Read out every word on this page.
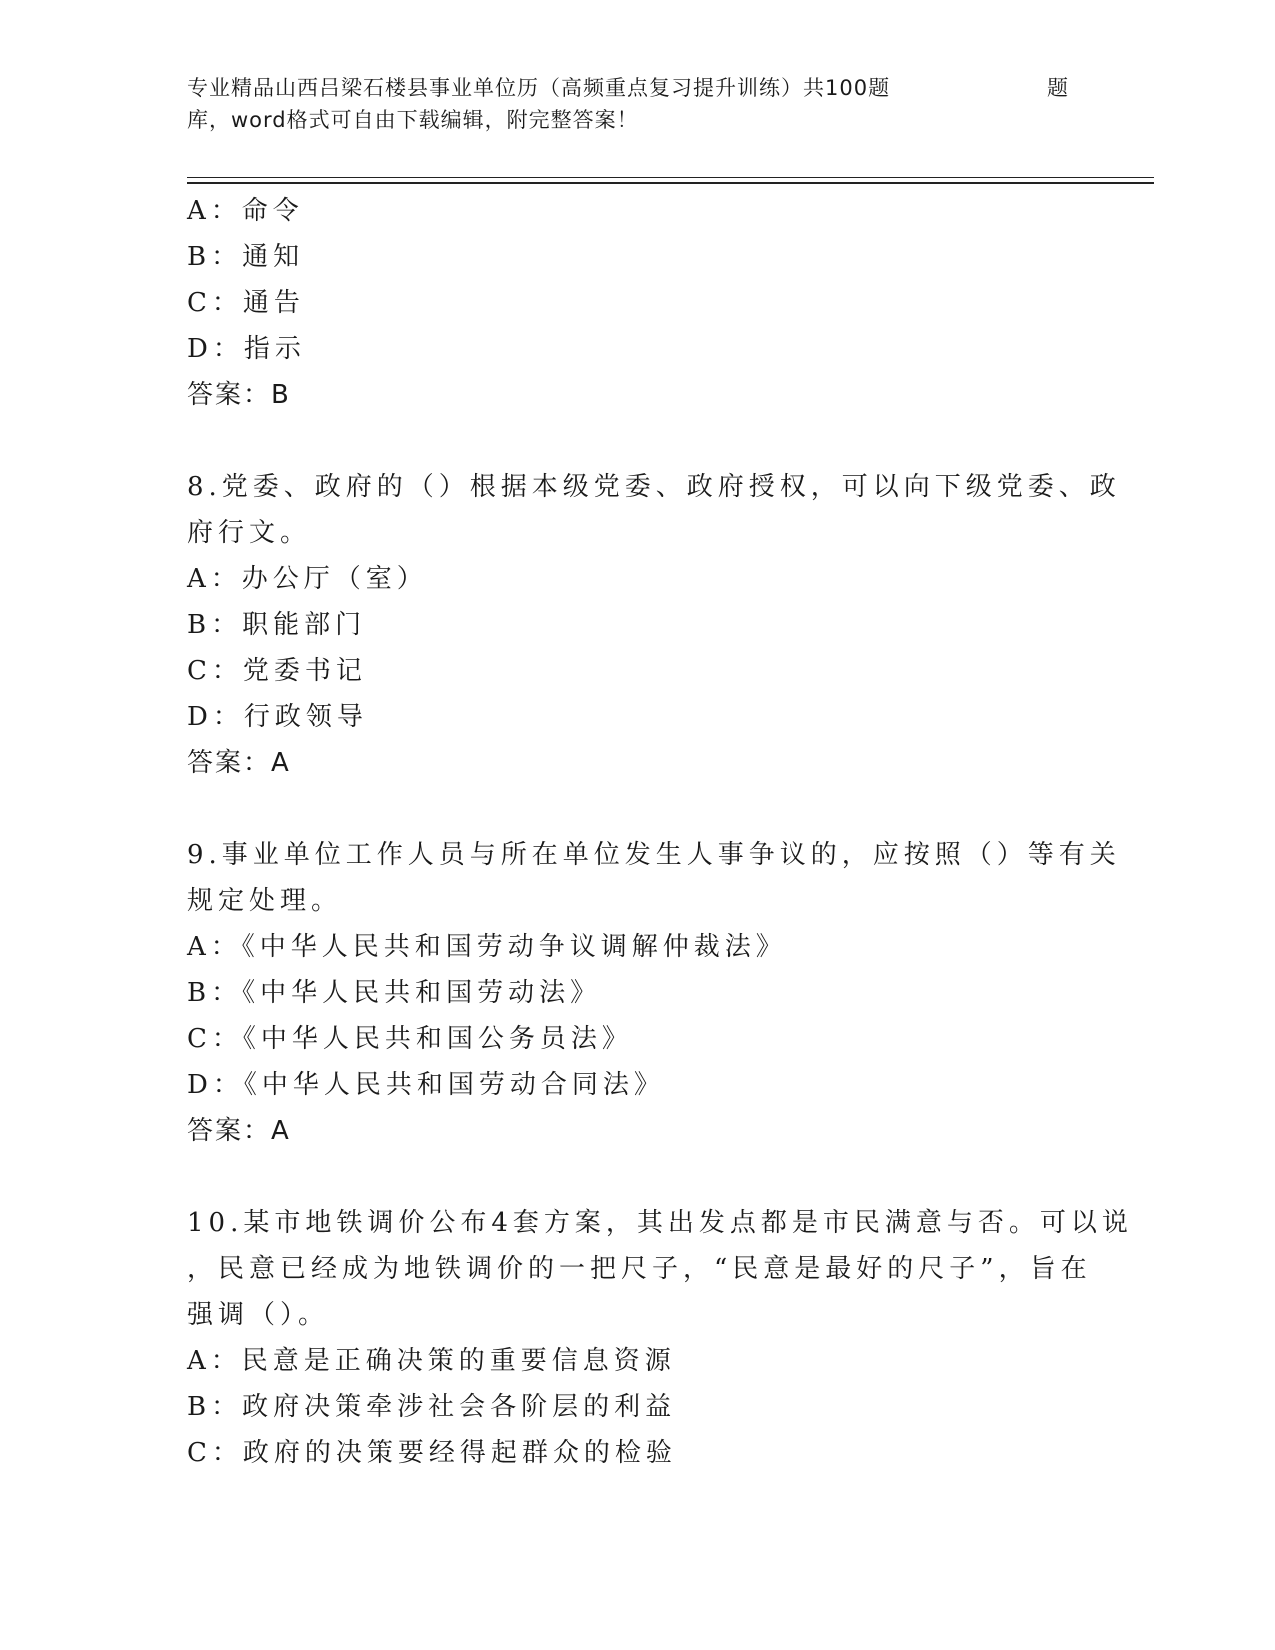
专业精品山西吕梁石楼县事业单位历（高频重点复习提升训练）共100题	题
库，word格式可自由下载编辑，附完整答案！
A：命令
B：通知
C：通告
D：指示
答案：B
8.党委、政府的（）根据本级党委、政府授权，可以向下级党委、政
府行文。
A：办公厅（室）
B：职能部门
C：党委书记
D：行政领导
答案：A
9.事业单位工作人员与所在单位发生人事争议的，应按照（）等有关
规定处理。
A：《中华人民共和国劳动争议调解仲裁法》
B：《中华人民共和国劳动法》
C：《中华人民共和国公务员法》
D：《中华人民共和国劳动合同法》
答案：A
10.某市地铁调价公布4套方案，其出发点都是市民满意与否。可以说
，民意已经成为地铁调价的一把尺子，“民意是最好的尺子”，旨在
强调（）。
A：民意是正确决策的重要信息资源
B：政府决策牵涉社会各阶层的利益
C：政府的决策要经得起群众的检验
